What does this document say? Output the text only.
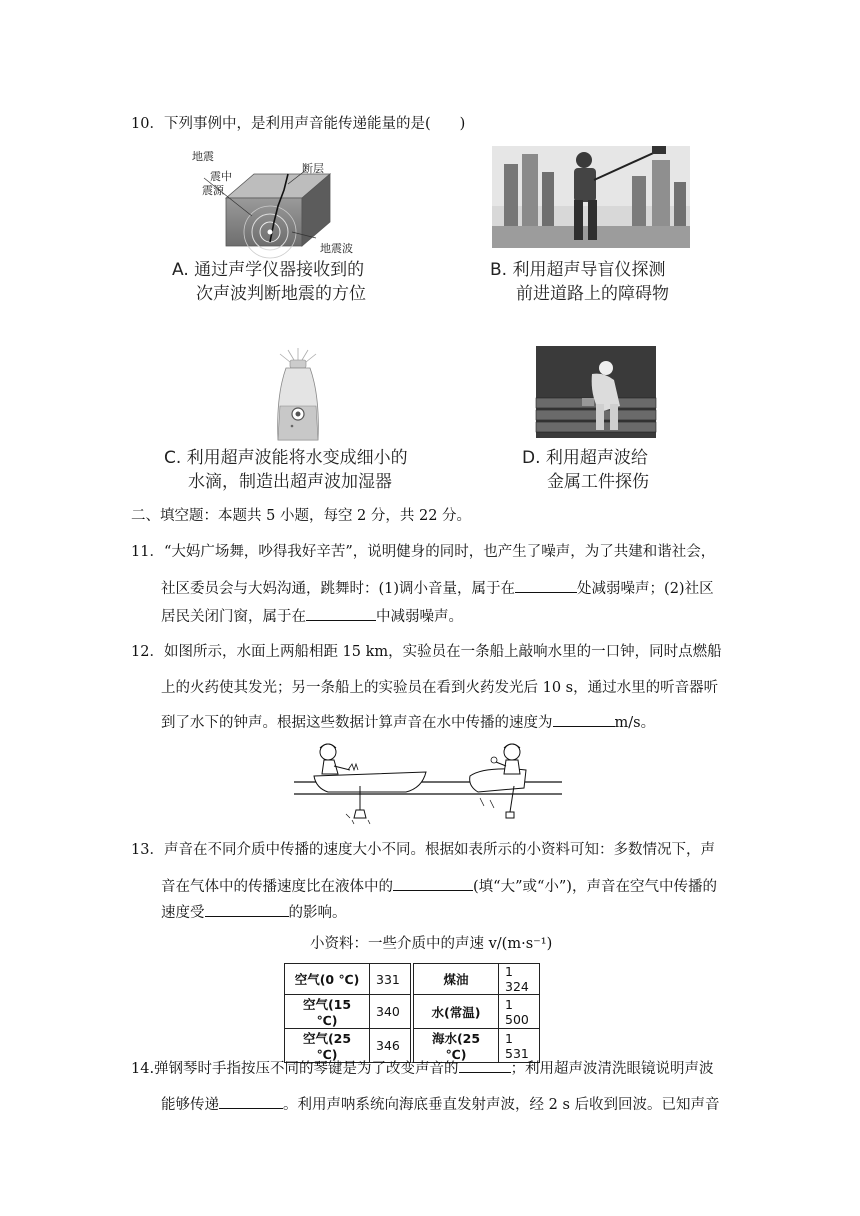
10．下列事例中，是利用声音能传递能量的是(　　)
地震
震中
震源
断层
地震波
A. 通过声学仪器接收到的
次声波判断地震的方位
B. 利用超声导盲仪探测
前进道路上的障碍物
C. 利用超声波能将水变成细小的
水滴，制造出超声波加湿器
D. 利用超声波给
金属工件探伤
二、填空题：本题共 5 小题，每空 2 分，共 22 分。
11．“大妈广场舞，吵得我好辛苦”，说明健身的同时，也产生了噪声，为了共建和谐社会，
社区委员会与大妈沟通，跳舞时：(1)调小音量，属于在	处减弱噪声；(2)社区
居民关闭门窗，属于在	中减弱噪声。
12．如图所示，水面上两船相距 15 km，实验员在一条船上敲响水里的一口钟，同时点燃船
上的火药使其发光；另一条船上的实验员在看到火药发光后 10 s，通过水里的听音器听
到了水下的钟声。根据这些数据计算声音在水中传播的速度为	m/s。
13．声音在不同介质中传播的速度大小不同。根据如表所示的小资料可知：多数情况下，声
音在气体中的传播速度比在液体中的	(填“大”或“小”)，声音在空气中传播的
速度受	的影响。
小资料：一些介质中的声速 v/(m·s⁻¹)
空气(0 ℃)	331		煤油	1 324
空气(15 ℃)	340		水(常温)	1 500
空气(25 ℃)	346		海水(25 ℃)	1 531
14.弹钢琴时手指按压不同的琴键是为了改变声音的	；利用超声波清洗眼镜说明声波
能够传递	。利用声呐系统向海底垂直发射声波，经 2 s 后收到回波。已知声音
